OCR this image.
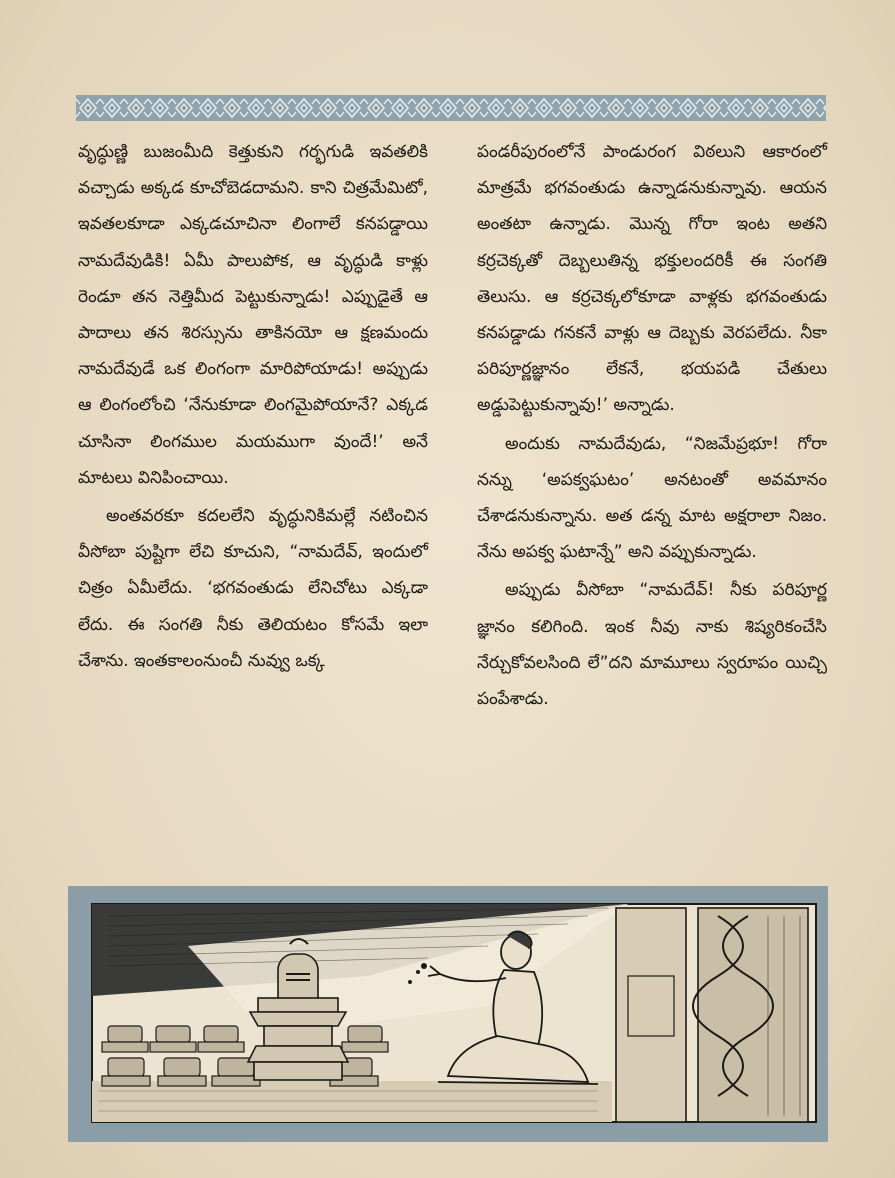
వృద్ధుణ్ణి బుజంమీది కెత్తుకుని గర్భగుడి ఇవతలికి వచ్చాడు అక్కడ కూచోబెడదామని. కాని చిత్రమేమిటో, ఇవతలకూడా ఎక్కడచూచినా లింగాలే కనపడ్డాయి నామదేవుడికి! ఏమీ పాలుపోక, ఆ వృద్ధుడి కాళ్లు రెండూ తన నెత్తిమీద పెట్టుకున్నాడు! ఎప్పుడైతే ఆ పాదాలు తన శిరస్సును తాకినయో ఆ క్షణమందు నామదేవుడే ఒక లింగంగా మారిపోయాడు! అప్పుడు ఆ లింగంలోంచి ‘నేనుకూడా లింగమైపోయానే? ఎక్కడ చూసినా లింగముల మయముగా వుందే!’ అనే మాటలు వినిపించాయి.

అంతవరకూ కదలలేని వృద్ధునికిమల్లే నటించిన వీసోబా పుష్టిగా లేచి కూచుని, “నామదేవ్, ఇందులో చిత్రం ఏమీలేదు. ‘భగవంతుడు లేనిచోటు ఎక్కడా లేదు. ఈ సంగతి నీకు తెలియటం కోసమే ఇలా చేశాను. ఇంతకాలంనుంచీ నువ్వు ఒక్క

పండరీపురంలోనే పాండురంగ విఠలుని ఆకారంలో మాత్రమే భగవంతుడు ఉన్నాడనుకున్నావు. ఆయన అంతటా ఉన్నాడు. మొన్న గోరా ఇంట అతని కర్రచెక్కతో దెబ్బలుతిన్న భక్తులందరికీ ఈ సంగతి తెలుసు. ఆ కర్రచెక్కలోకూడా వాళ్లకు భగవంతుడు కనపడ్డాడు గనకనే వాళ్లు ఆ దెబ్బకు వెరపలేదు. నీకా పరిపూర్ణజ్ఞానం లేకనే, భయపడి చేతులు అడ్డుపెట్టుకున్నావు!’ అన్నాడు.

అందుకు నామదేవుడు, “నిజమేప్రభూ! గోరా నన్ను ‘అపక్వఘటం’ అనటంతో అవమానం చేశాడనుకున్నాను. అత డన్న మాట అక్షరాలా నిజం. నేను అపక్వ ఘటాన్నే” అని వప్పుకున్నాడు.

అప్పుడు వీసోబా “నామదేవ్! నీకు పరిపూర్ణ జ్ఞానం కలిగింది. ఇంక నీవు నాకు శిష్యరికంచేసి నేర్చుకోవలసింది లే”దని మామూలు స్వరూపం యిచ్చి పంపేశాడు.
